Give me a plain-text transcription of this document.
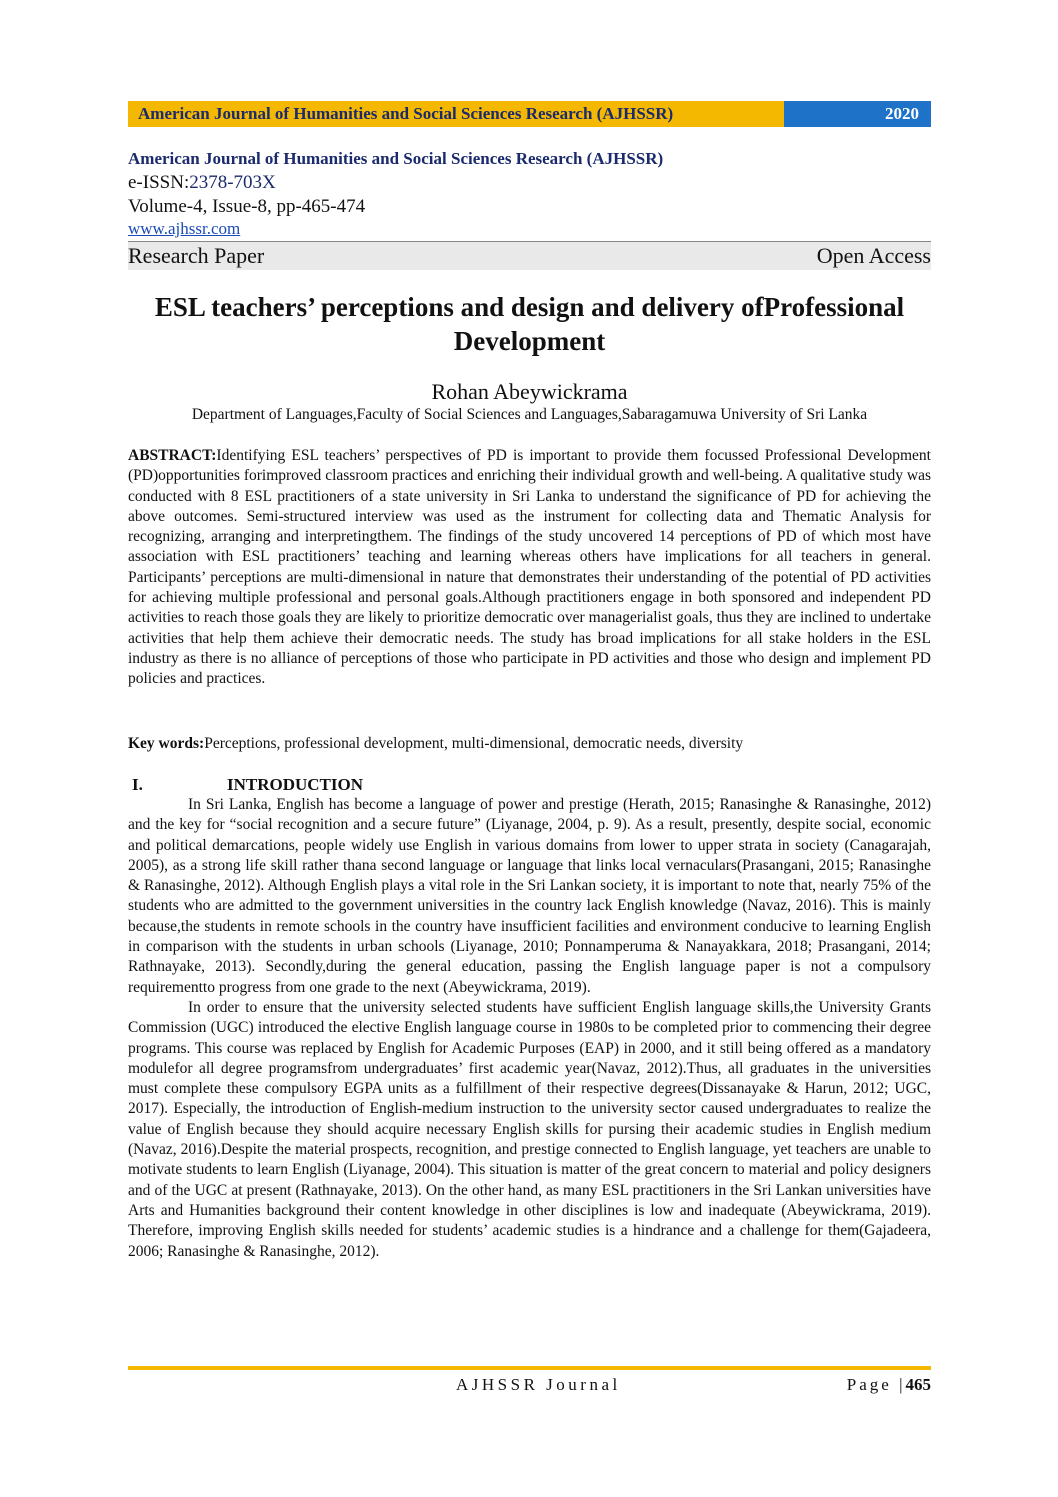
American Journal of Humanities and Social Sciences Research (AJHSSR)	2020
American Journal of Humanities and Social Sciences Research (AJHSSR)
e-ISSN:2378-703X
Volume-4, Issue-8, pp-465-474
www.ajhssr.com
Research Paper	Open Access
ESL teachers’ perceptions and design and delivery ofProfessional Development
Rohan Abeywickrama
Department of Languages,Faculty of Social Sciences and Languages,Sabaragamuwa University of Sri Lanka
ABSTRACT:Identifying ESL teachers’ perspectives of PD is important to provide them focussed Professional Development (PD)opportunities forimproved classroom practices and enriching their individual growth and well-being. A qualitative study was conducted with 8 ESL practitioners of a state university in Sri Lanka to understand the significance of PD for achieving the above outcomes. Semi-structured interview was used as the instrument for collecting data and Thematic Analysis for recognizing, arranging and interpretingthem. The findings of the study uncovered 14 perceptions of PD of which most have association with ESL practitioners’ teaching and learning whereas others have implications for all teachers in general. Participants’ perceptions are multi-dimensional in nature that demonstrates their understanding of the potential of PD activities for achieving multiple professional and personal goals.Although practitioners engage in both sponsored and independent PD activities to reach those goals they are likely to prioritize democratic over managerialist goals, thus they are inclined to undertake activities that help them achieve their democratic needs. The study has broad implications for all stake holders in the ESL industry as there is no alliance of perceptions of those who participate in PD activities and those who design and implement PD policies and practices.
Key words:Perceptions, professional development, multi-dimensional, democratic needs, diversity
I.	INTRODUCTION

In Sri Lanka, English has become a language of power and prestige (Herath, 2015; Ranasinghe & Ranasinghe, 2012) and the key for “social recognition and a secure future” (Liyanage, 2004, p. 9). As a result, presently, despite social, economic and political demarcations, people widely use English in various domains from lower to upper strata in society (Canagarajah, 2005), as a strong life skill rather thana second language or language that links local vernaculars(Prasangani, 2015; Ranasinghe & Ranasinghe, 2012). Although English plays a vital role in the Sri Lankan society, it is important to note that, nearly 75% of the students who are admitted to the government universities in the country lack English knowledge (Navaz, 2016). This is mainly because,the students in remote schools in the country have insufficient facilities and environment conducive to learning English in comparison with the students in urban schools (Liyanage, 2010; Ponnamperuma & Nanayakkara, 2018; Prasangani, 2014; Rathnayake, 2013). Secondly,during the general education, passing the English language paper is not a compulsory requirementto progress from one grade to the next (Abeywickrama, 2019).

In order to ensure that the university selected students have sufficient English language skills,the University Grants Commission (UGC) introduced the elective English language course in 1980s to be completed prior to commencing their degree programs. This course was replaced by English for Academic Purposes (EAP) in 2000, and it still being offered as a mandatory modulefor all degree programsfrom undergraduates’ first academic year(Navaz, 2012).Thus, all graduates in the universities must complete these compulsory EGPA units as a fulfillment of their respective degrees(Dissanayake & Harun, 2012; UGC, 2017). Especially, the introduction of English-medium instruction to the university sector caused undergraduates to realize the value of English because they should acquire necessary English skills for pursing their academic studies in English medium (Navaz, 2016).Despite the material prospects, recognition, and prestige connected to English language, yet teachers are unable to motivate students to learn English (Liyanage, 2004). This situation is matter of the great concern to material and policy designers and of the UGC at present (Rathnayake, 2013). On the other hand, as many ESL practitioners in the Sri Lankan universities have Arts and Humanities background their content knowledge in other disciplines is low and inadequate (Abeywickrama, 2019). Therefore, improving English skills needed for students’ academic studies is a hindrance and a challenge for them(Gajadeera, 2006; Ranasinghe & Ranasinghe, 2012).

AJHSSR Journal	Page |465
